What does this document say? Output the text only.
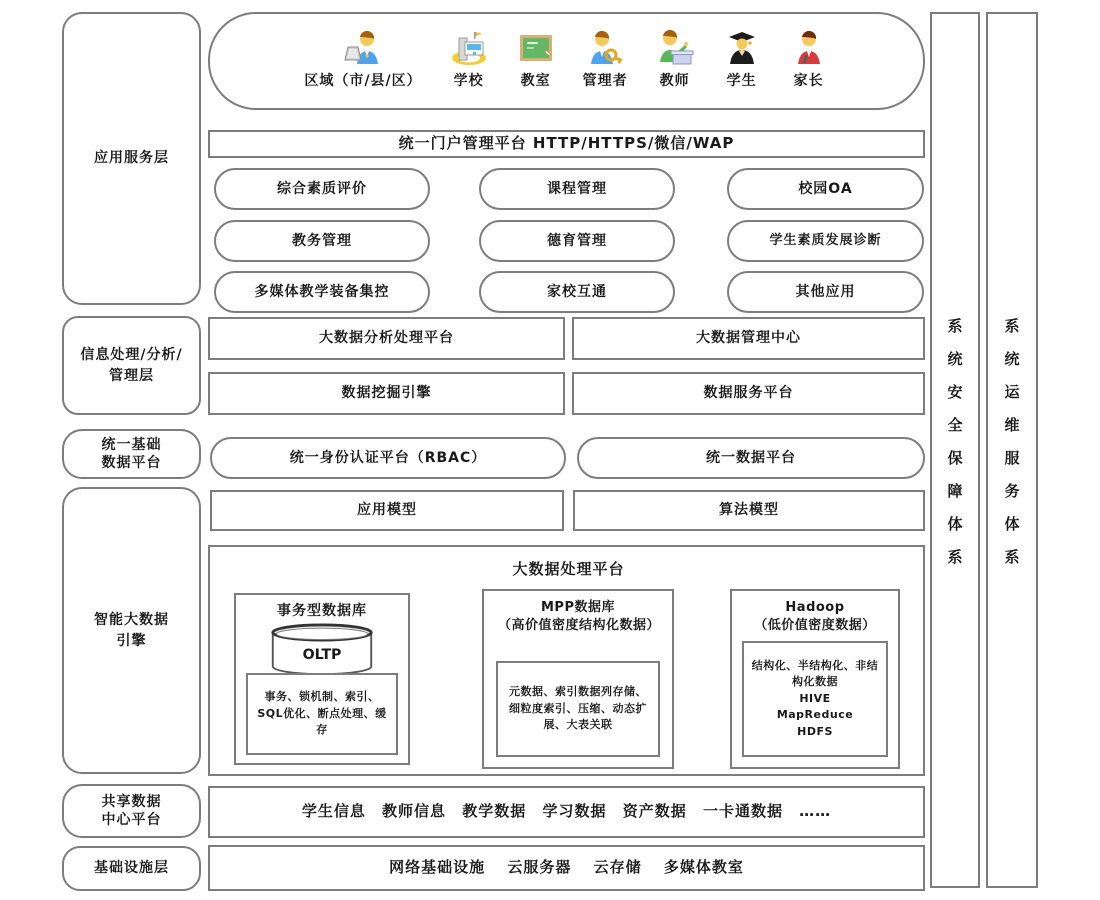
应用服务层
信息处理/分析/
管理层
统一基础
数据平台
智能大数据
引擎
共享数据
中心平台
基础设施层
区域（市/县/区） 学校	教室 管理者 教师	学生	家长
统一门户管理平台 HTTP/HTTPS/微信/WAP
综合素质评价	课程管理	校园OA
教务管理	德育管理	学生素质发展诊断
多媒体教学装备集控	家校互通	其他应用
大数据分析处理平台	大数据管理中心
数据挖掘引擎	数据服务平台
统一身份认证平台（RBAC）	统一数据平台
应用模型	算法模型
大数据处理平台
事务型数据库
OLTP
事务、锁机制、索引、SQL优化、断点处理、缓存
MPP数据库
（高价值密度结构化数据）
元数据、索引数据列存储、细粒度索引、压缩、动态扩展、大表关联
Hadoop
（低价值密度数据）
结构化、半结构化、非结构化数据
HIVE
MapReduce
HDFS
学生信息 教师信息 教学数据 学习数据 资产数据 一卡通数据 ……
网络基础设施 云服务器 云存储 多媒体教室
系统安全保障体系	系统运维服务体系
